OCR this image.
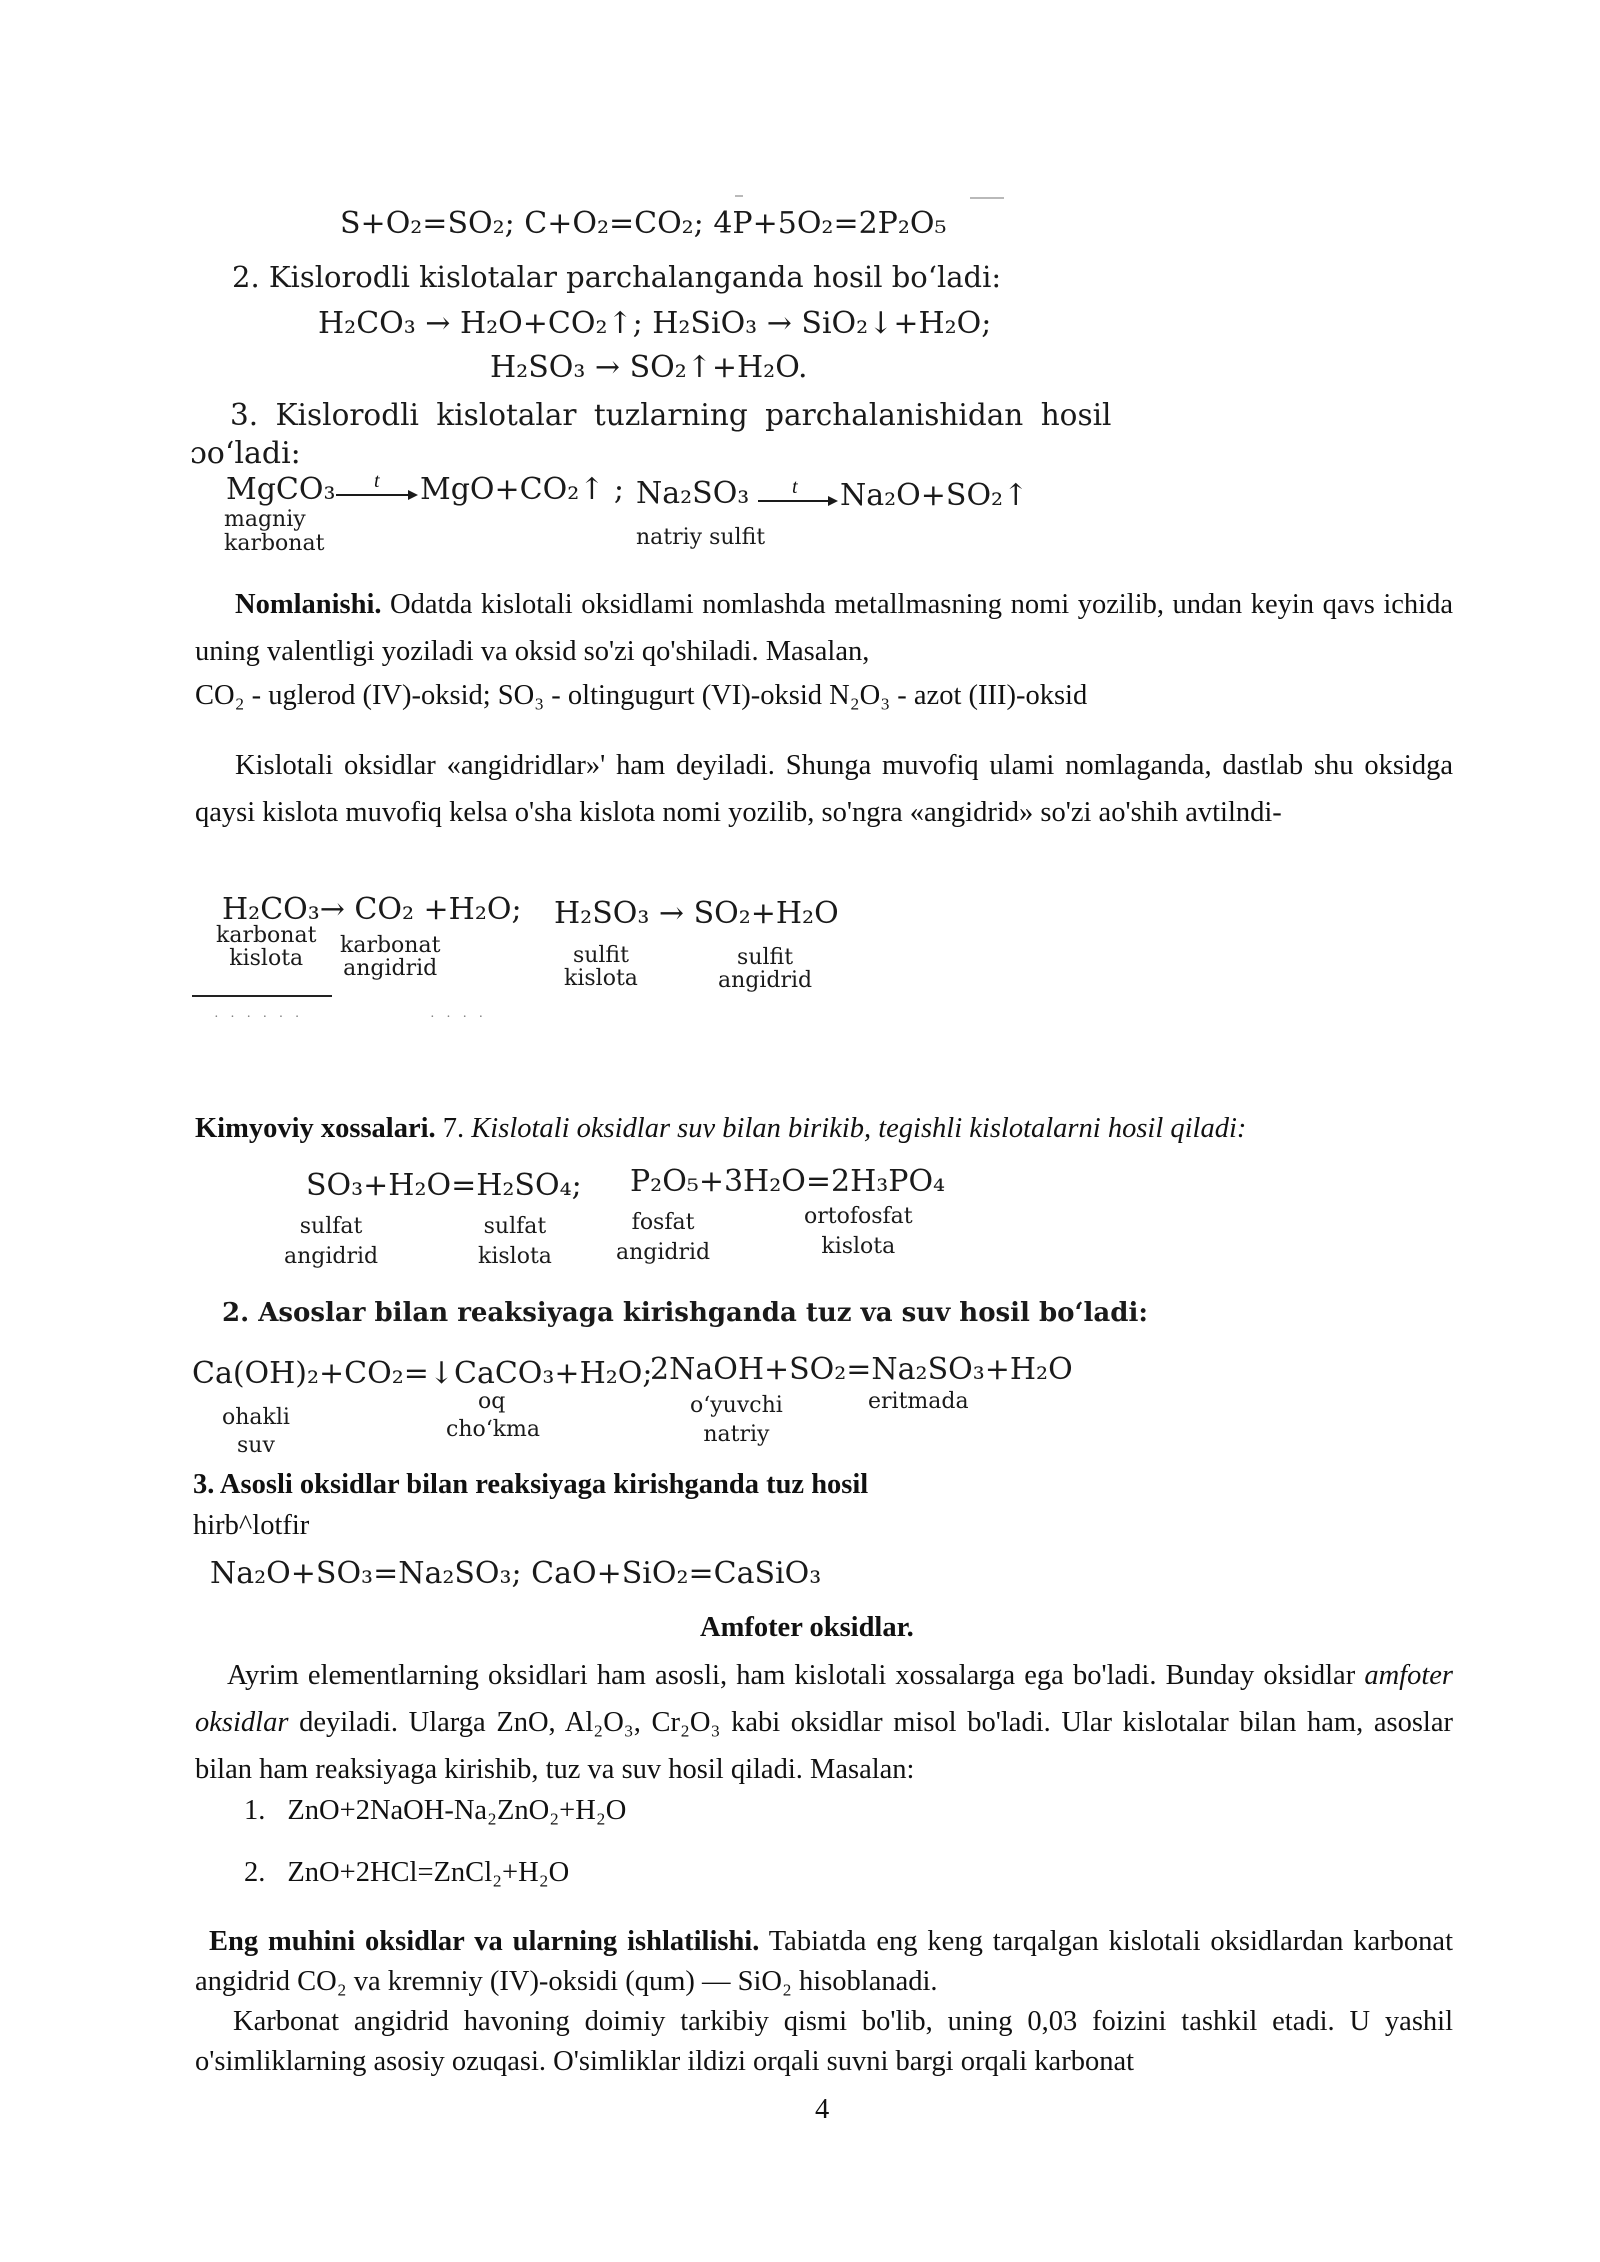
S+O₂=SO₂; C+O₂=CO₂; 4P+5O₂=2P₂O₅
2. Kislorodli kislotalar parchalanganda hosil bo‘ladi:
H₂CO₃ → H₂O+CO₂↑; H₂SiO₃ → SiO₂↓+H₂O;
H₂SO₃ → SO₂↑+H₂O.
3. Kislorodli kislotalar tuzlarning parchalanishidan hosil
ɔo‘ladi:
MgCO₃ t MgO+CO₂↑ ; Na₂SO₃ t Na₂O+SO₂↑
magniy
karbonat	natriy sulfit
Nomlanishi. Odatda kislotali oksidlami nomlashda metallmasning nomi yozilib, undan keyin qavs ichida uning valentligi yoziladi va oksid so'zi qo'shiladi. Masalan,
CO₂ - uglerod (IV)-oksid; SO₃ - oltingugurt (VI)-oksid N₂O₃ - azot (III)-oksid
Kislotali oksidlar «angidridlar»' ham deyiladi. Shunga muvofiq ulami nomlaganda, dastlab shu oksidga qaysi kislota muvofiq kelsa o'sha kislota nomi yozilib, so'ngra «angidrid» so'zi ao'shih avtilndi-
H₂CO₃→ CO₂ +H₂O; H₂SO₃ → SO₂+H₂O
karbonat
kislota
karbonat
angidrid
sulfit
kislota
sulfit
angidrid
· · · · · ·	· · · ·
Kimyoviy xossalari. 7. Kislotali oksidlar suv bilan birikib, tegishli kislotalarni hosil qiladi:
SO₃+H₂O=H₂SO₄; P₂O₅+3H₂O=2H₃PO₄
sulfat
angidrid
sulfat
kislota
fosfat
angidrid
ortofosfat
kislota
2. Asoslar bilan reaksiyaga kirishganda tuz va suv hosil bo‘ladi:
Ca(OH)₂+CO₂=↓CaCO₃+H₂O;
2NaOH+SO₂=Na₂SO₃+H₂O
ohakli
suv
oq
cho‘kma
o‘yuvchi
natriy
eritmada
3. Asosli oksidlar bilan reaksiyaga kirishganda tuz hosil
hirb^lotfir
Na₂O+SO₃=Na₂SO₃; CaO+SiO₂=CaSiO₃
Amfoter oksidlar.
Ayrim elementlarning oksidlari ham asosli, ham kislotali xossalarga ega bo'ladi. Bunday oksidlar amfoter oksidlar deyiladi. Ularga ZnO, Al₂O₃, Cr₂O₃ kabi oksidlar misol bo'ladi. Ular kislotalar bilan ham, asoslar bilan ham reaksiyaga kirishib, tuz va suv hosil qiladi. Masalan:
1. ZnO+2NaOH-Na₂ZnO₂+H₂O
2. ZnO+2HCl=ZnCl₂+H₂O
Eng muhini oksidlar va ularning ishlatilishi. Tabiatda eng keng tarqalgan kislotali oksidlardan karbonat angidrid CO₂ va kremniy (IV)-oksidi (qum) — SiO₂ hisoblanadi.
Karbonat angidrid havoning doimiy tarkibiy qismi bo'lib, uning 0,03 foizini tashkil etadi. U yashil o'simliklarning asosiy ozuqasi. O'simliklar ildizi orqali suvni bargi orqali karbonat
4
